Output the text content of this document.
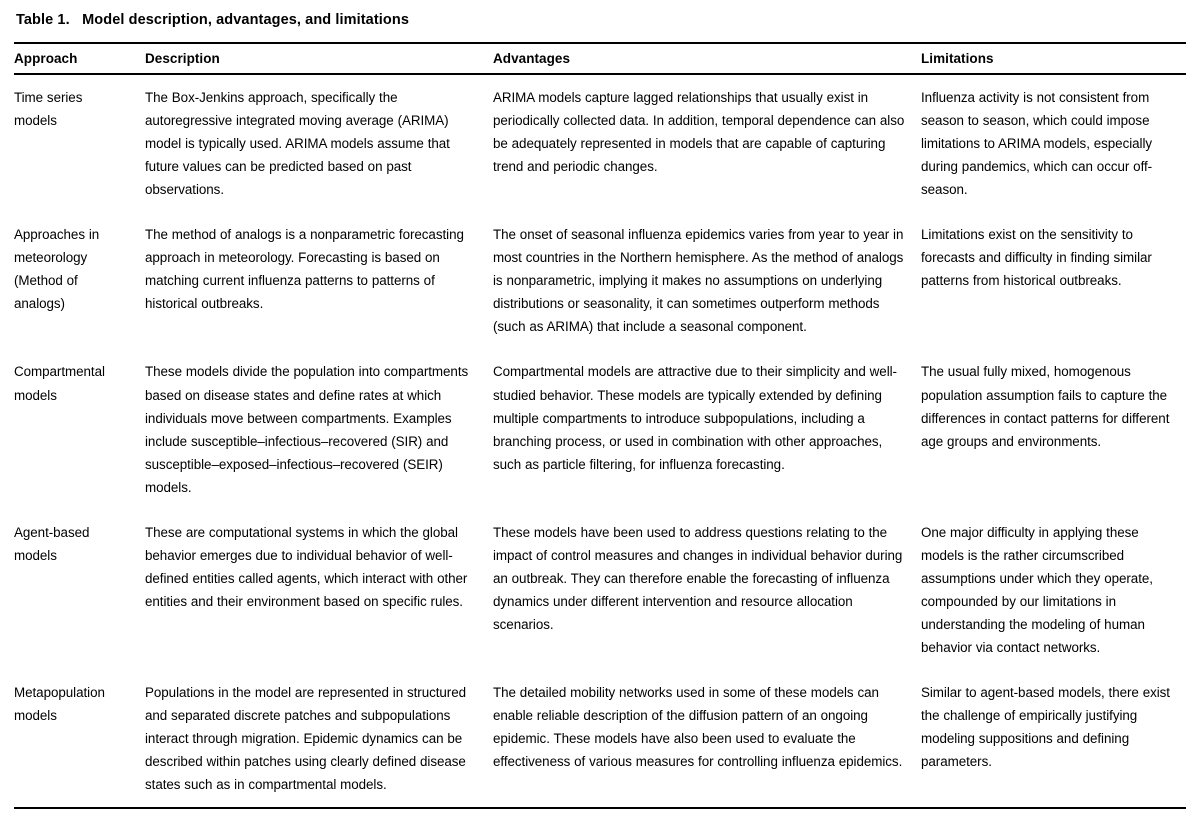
Table 1.   Model description, advantages, and limitations
Approach	Description	Advantages	Limitations
Time series models	The Box-Jenkins approach, specifically the autoregressive integrated moving average (ARIMA) model is typically used. ARIMA models assume that future values can be predicted based on past observations.	ARIMA models capture lagged relationships that usually exist in periodically collected data. In addition, temporal dependence can also be adequately represented in models that are capable of capturing trend and periodic changes.	Influenza activity is not consistent from season to season, which could impose limitations to ARIMA models, especially during pandemics, which can occur off-season.
Approaches in meteorology (Method of analogs)	The method of analogs is a nonparametric forecasting approach in meteorology. Forecasting is based on matching current influenza patterns to patterns of historical outbreaks.	The onset of seasonal influenza epidemics varies from year to year in most countries in the Northern hemisphere. As the method of analogs is nonparametric, implying it makes no assumptions on underlying distributions or seasonality, it can sometimes outperform methods (such as ARIMA) that include a seasonal component.	Limitations exist on the sensitivity to forecasts and difficulty in finding similar patterns from historical outbreaks.
Compartmental models	These models divide the population into compartments based on disease states and define rates at which individuals move between compartments. Examples include susceptible–infectious–recovered (SIR) and susceptible–exposed–infectious–recovered (SEIR) models.	Compartmental models are attractive due to their simplicity and well-studied behavior. These models are typically extended by defining multiple compartments to introduce subpopulations, including a branching process, or used in combination with other approaches, such as particle filtering, for influenza forecasting.	The usual fully mixed, homogenous population assumption fails to capture the differences in contact patterns for different age groups and environments.
Agent-based models	These are computational systems in which the global behavior emerges due to individual behavior of well-defined entities called agents, which interact with other entities and their environment based on specific rules.	These models have been used to address questions relating to the impact of control measures and changes in individual behavior during an outbreak. They can therefore enable the forecasting of influenza dynamics under different intervention and resource allocation scenarios.	One major difficulty in applying these models is the rather circumscribed assumptions under which they operate, compounded by our limitations in understanding the modeling of human behavior via contact networks.
Metapopulation models	Populations in the model are represented in structured and separated discrete patches and subpopulations interact through migration. Epidemic dynamics can be described within patches using clearly defined disease states such as in compartmental models.	The detailed mobility networks used in some of these models can enable reliable description of the diffusion pattern of an ongoing epidemic. These models have also been used to evaluate the effectiveness of various measures for controlling influenza epidemics.	Similar to agent-based models, there exist the challenge of empirically justifying modeling suppositions and defining parameters.
